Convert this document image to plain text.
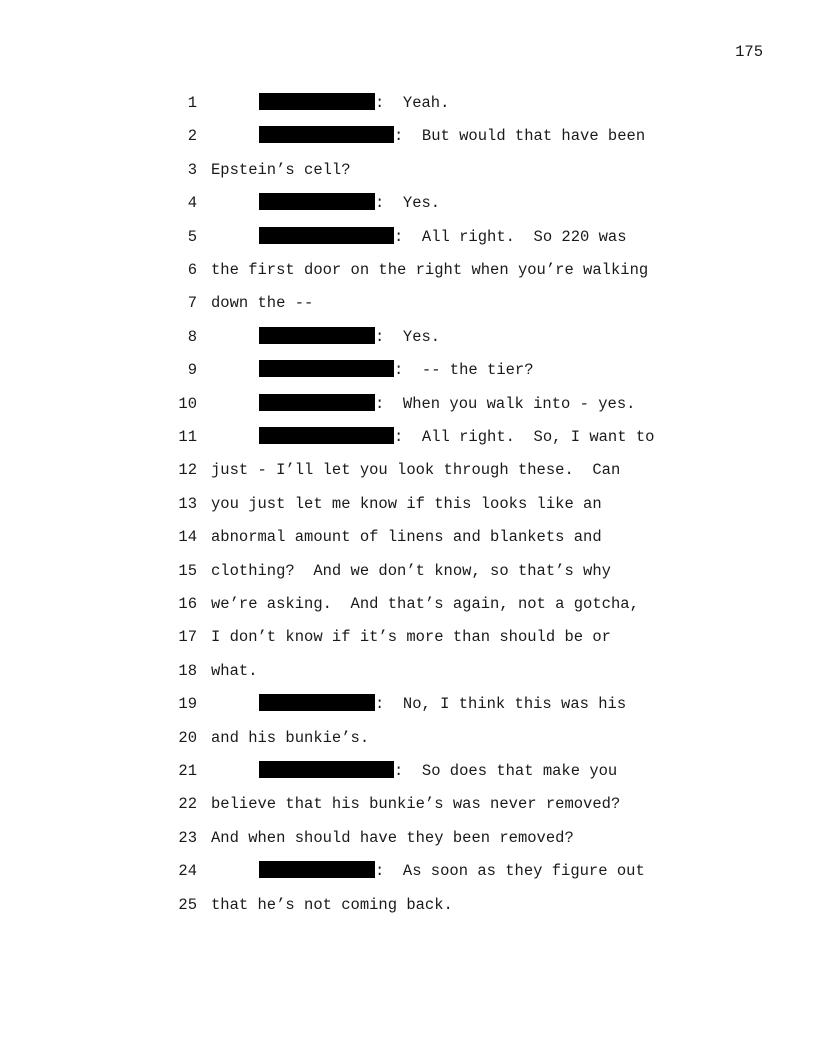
175
1	:  Yeah.
2	:  But would that have been
3 Epstein’s cell?
4	:  Yes.
5	:  All right.  So 220 was
6 the first door on the right when you’re walking
7 down the --
8	:  Yes.
9	:  -- the tier?
10	:  When you walk into - yes.
11	:  All right.  So, I want to
12 just - I’ll let you look through these.  Can
13 you just let me know if this looks like an
14 abnormal amount of linens and blankets and
15 clothing?  And we don’t know, so that’s why
16 we’re asking.  And that’s again, not a gotcha,
17 I don’t know if it’s more than should be or
18 what.
19	:  No, I think this was his
20 and his bunkie’s.
21	:  So does that make you
22 believe that his bunkie’s was never removed?
23 And when should have they been removed?
24	:  As soon as they figure out
25 that he’s not coming back.
